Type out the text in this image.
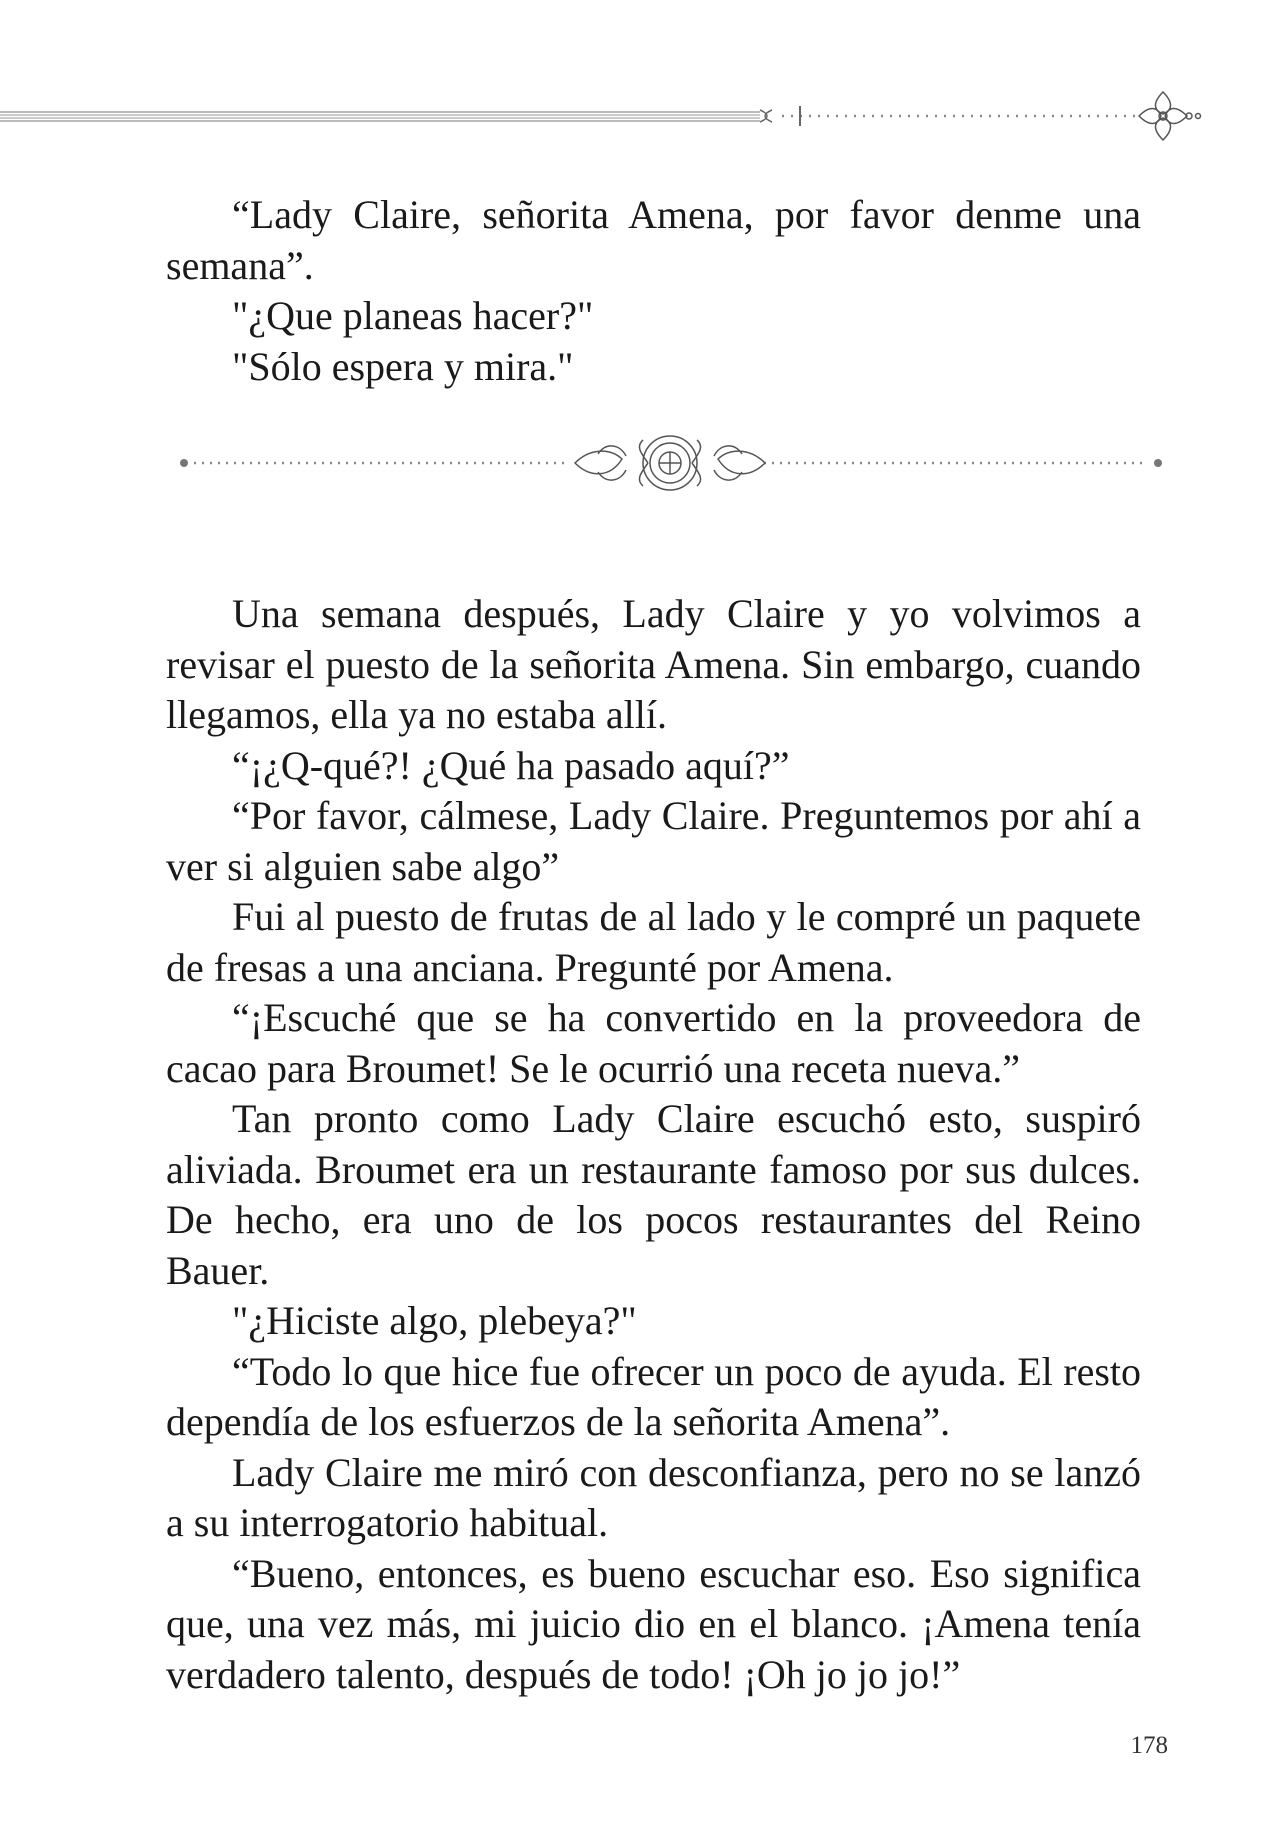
“Lady Claire, señorita Amena, por favor denme una semana”.

"¿Que planeas hacer?"

"Sólo espera y mira."

Una semana después, Lady Claire y yo volvimos a revisar el puesto de la señorita Amena. Sin embargo, cuando llegamos, ella ya no estaba allí.

“¡¿Q-qué?! ¿Qué ha pasado aquí?”

“Por favor, cálmese, Lady Claire. Preguntemos por ahí a ver si alguien sabe algo”

Fui al puesto de frutas de al lado y le compré un paquete de fresas a una anciana. Pregunté por Amena.

“¡Escuché que se ha convertido en la proveedora de cacao para Broumet! Se le ocurrió una receta nueva.”

Tan pronto como Lady Claire escuchó esto, suspiró aliviada. Broumet era un restaurante famoso por sus dulces. De hecho, era uno de los pocos restaurantes del Reino Bauer.

"¿Hiciste algo, plebeya?"

“Todo lo que hice fue ofrecer un poco de ayuda. El resto dependía de los esfuerzos de la señorita Amena”.

Lady Claire me miró con desconfianza, pero no se lanzó a su interrogatorio habitual.

“Bueno, entonces, es bueno escuchar eso. Eso significa que, una vez más, mi juicio dio en el blanco. ¡Amena tenía verdadero talento, después de todo! ¡Oh jo jo jo!”

178
